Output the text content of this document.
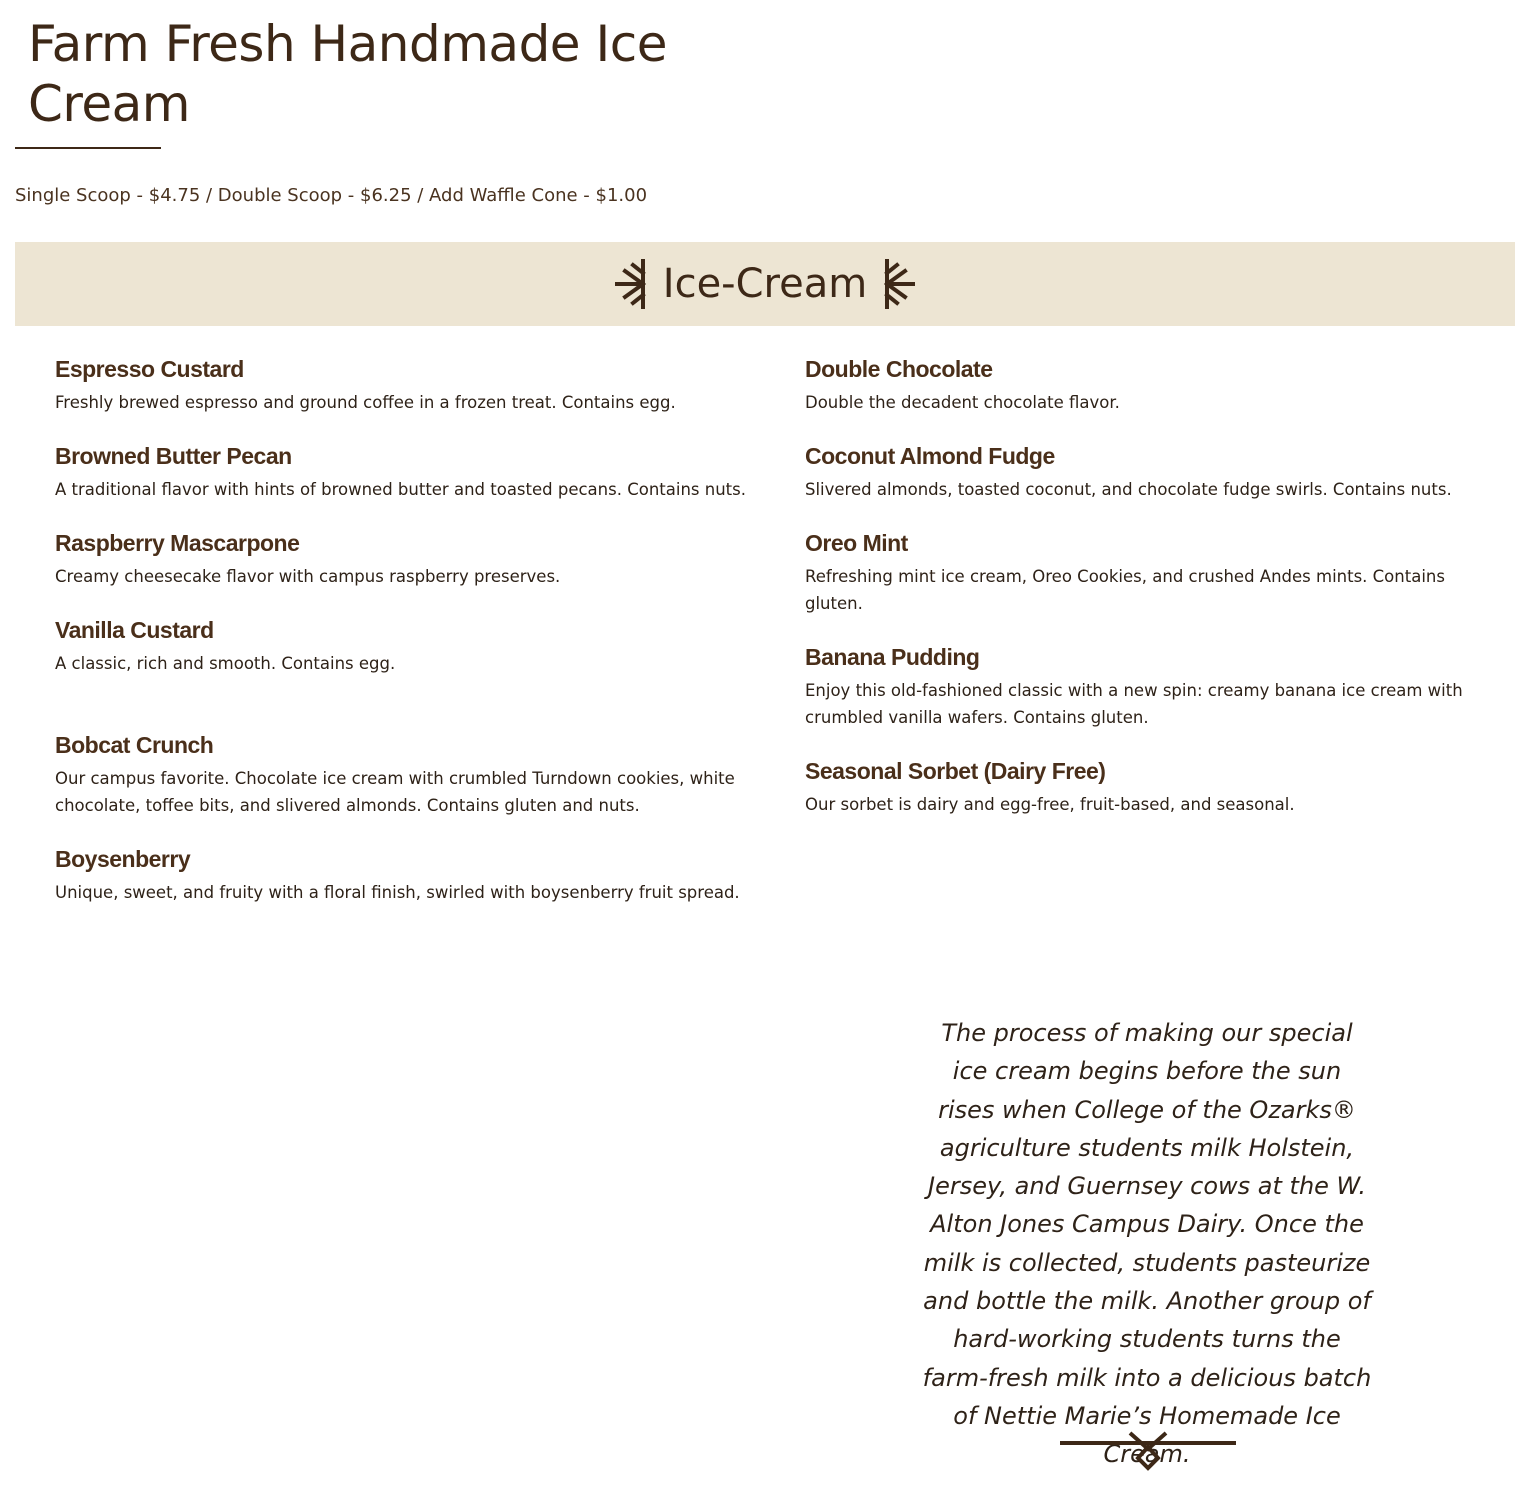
Farm Fresh Handmade Ice Cream
Single Scoop - $4.75 / Double Scoop - $6.25 / Add Waffle Cone - $1.00
Ice-Cream
Espresso Custard

Freshly brewed espresso and ground coffee in a frozen treat. Contains egg.

Browned Butter Pecan

A traditional flavor with hints of browned butter and toasted pecans. Contains nuts.

Raspberry Mascarpone

Creamy cheesecake flavor with campus raspberry preserves.

Vanilla Custard

A classic, rich and smooth. Contains egg.

Bobcat Crunch

Our campus favorite. Chocolate ice cream with crumbled Turndown cookies, white chocolate, toffee bits, and slivered almonds. Contains gluten and nuts.

Boysenberry

Unique, sweet, and fruity with a floral finish, swirled with boysenberry fruit spread.

Double Chocolate

Double the decadent chocolate flavor.

Coconut Almond Fudge

Slivered almonds, toasted coconut, and chocolate fudge swirls. Contains nuts.

Oreo Mint

Refreshing mint ice cream, Oreo Cookies, and crushed Andes mints. Contains gluten.

Banana Pudding

Enjoy this old-fashioned classic with a new spin: creamy banana ice cream with crumbled vanilla wafers. Contains gluten.

Seasonal Sorbet (Dairy Free)

Our sorbet is dairy and egg-free, fruit-based, and seasonal.

The process of making our special ice cream begins before the sun rises when College of the Ozarks® agriculture students milk Holstein, Jersey, and Guernsey cows at the W. Alton Jones Campus Dairy. Once the milk is collected, students pasteurize and bottle the milk. Another group of hard-working students turns the farm-fresh milk into a delicious batch of Nettie Marie’s Homemade Ice Cream.
